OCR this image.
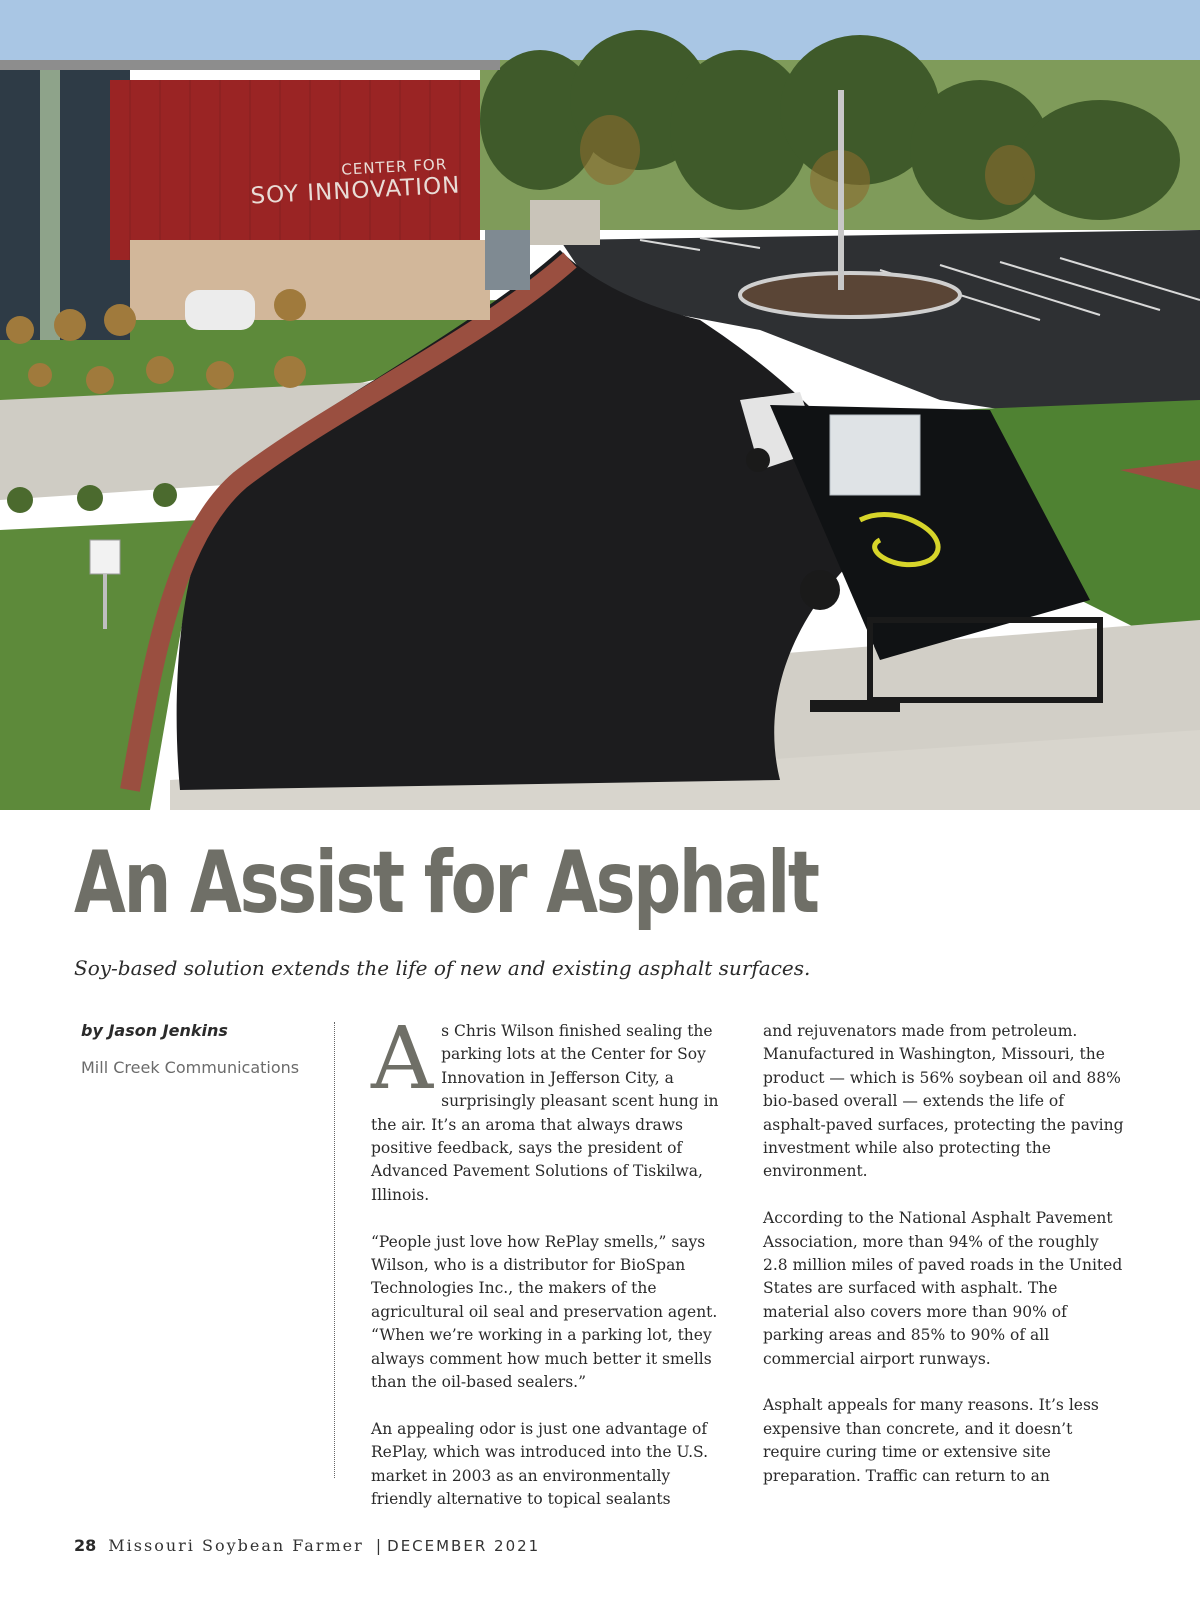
CENTER FOR
SOY INNOVATION
An Assist for Asphalt

Soy-based solution extends the life of new and existing asphalt surfaces.

by Jason Jenkins
Mill Creek Communications As Chris Wilson finished sealing the parking lots at the Center for Soy Innovation in Jefferson City, a surprisingly pleasant scent hung in the air. It’s an aroma that always draws positive feedback, says the president of Advanced Pavement Solutions of Tiskilwa, Illinois.

“People just love how RePlay smells,” says Wilson, who is a distributor for BioSpan Technologies Inc., the makers of the agricultural oil seal and preservation agent. “When we’re working in a parking lot, they always comment how much better it smells than the oil-based sealers.”

An appealing odor is just one advantage of RePlay, which was introduced into the U.S. market in 2003 as an environmentally friendly alternative to topical sealants

and rejuvenators made from petroleum. Manufactured in Washington, Missouri, the product — which is 56% soybean oil and 88% bio-based overall — extends the life of asphalt-paved surfaces, protecting the paving investment while also protecting the environment.

According to the National Asphalt Pavement Association, more than 94% of the roughly 2.8 million miles of paved roads in the United States are surfaced with asphalt. The material also covers more than 90% of parking areas and 85% to 90% of all commercial airport runways.

Asphalt appeals for many reasons. It’s less expensive than concrete, and it doesn’t require curing time or extensive site preparation. Traffic can return to an

28 Missouri Soybean Farmer | DECEMBER 2021
